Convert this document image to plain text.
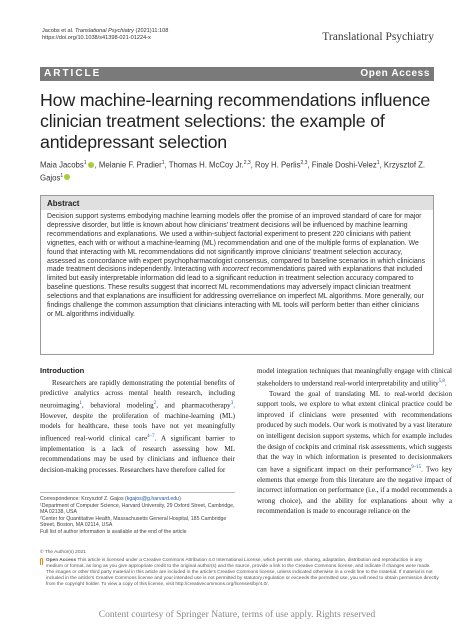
Jacobs et al. Translational Psychiatry (2021)11:108
https://doi.org/10.1038/s41398-021-01224-x	Translational Psychiatry
ARTICLE	Open Access
How machine-learning recommendations influence clinician treatment selections: the example of antidepressant selection
Maia Jacobs$^1$ , Melanie F. Pradier$^1$, Thomas H. McCoy Jr.$^{2,3}$, Roy H. Perlis$^{2,3}$, Finale Doshi-Velez$^1$, Krzysztof Z. Gajos$^1$
Abstract
Decision support systems embodying machine learning models offer the promise of an improved standard of care for major depressive disorder, but little is known about how clinicians' treatment decisions will be influenced by machine learning recommendations and explanations. We used a within-subject factorial experiment to present 220 clinicians with patient vignettes, each with or without a machine-learning (ML) recommendation and one of the multiple forms of explanation. We found that interacting with ML recommendations did not significantly improve clinicians' treatment selection accuracy, assessed as concordance with expert psychopharmacologist consensus, compared to baseline scenarios in which clinicians made treatment decisions independently. Interacting with incorrect recommendations paired with explanations that included limited but easily interpretable information did lead to a significant reduction in treatment selection accuracy compared to baseline questions. These results suggest that incorrect ML recommendations may adversely impact clinician treatment selections and that explanations are insufficient for addressing overreliance on imperfect ML algorithms. More generally, our findings challenge the common assumption that clinicians interacting with ML tools will perform better than either clinicians or ML algorithms individually.
Introduction

Researchers are rapidly demonstrating the potential benefits of predictive analytics across mental health research, including neuroimaging$^1$, behavioral modeling$^2$, and pharmacotherapy$^3$. However, despite the proliferation of machine-learning (ML) models for healthcare, these tools have not yet meaningfully influenced real-world clinical care$^{4-7}$. A significant barrier to implementation is a lack of research assessing how ML recommendations may be used by clinicians and influence their decision-making processes. Researchers have therefore called for

model integration techniques that meaningfully engage with clinical stakeholders to understand real-world interpretability and utility$^{5,8}$.

Toward the goal of translating ML to real-world decision support tools, we explore to what extent clinical practice could be improved if clinicians were presented with recommendations produced by such models. Our work is motivated by a vast literature on intelligent decision support systems, which for example includes the design of cockpits and criminal risk assessments, which suggests that the way in which information is presented to decisionmakers can have a significant impact on their performance$^{9-15}$. Two key elements that emerge from this literature are the negative impact of incorrect information on performance (i.e., if a model recommends a wrong choice), and the ability for explanations about why a recommendation is made to encourage reliance on the

Correspondence: Krzysztof Z. Gajos (kgajos@g.harvard.edu)
¹Department of Computer Science, Harvard University, 29 Oxford Street, Cambridge, MA 02138, USA
²Center for Quantitative Health, Massachusetts General Hospital, 185 Cambridge Street, Boston, MA 02114, USA
Full list of author information is available at the end of the article
© The Author(s) 2021
Open Access This article is licensed under a Creative Commons Attribution 4.0 International License, which permits use, sharing, adaptation, distribution and reproduction in any medium or format, as long as you give appropriate credit to the original author(s) and the source, provide a link to the Creative Commons license, and indicate if changes were made. The images or other third party material in this article are included in the article's Creative Commons license, unless indicated otherwise in a credit line to the material. If material is not included in the article's Creative Commons license and your intended use is not permitted by statutory regulation or exceeds the permitted use, you will need to obtain permission directly from the copyright holder. To view a copy of this license, visit http://creativecommons.org/licenses/by/4.0/.
Content courtesy of Springer Nature, terms of use apply. Rights reserved
